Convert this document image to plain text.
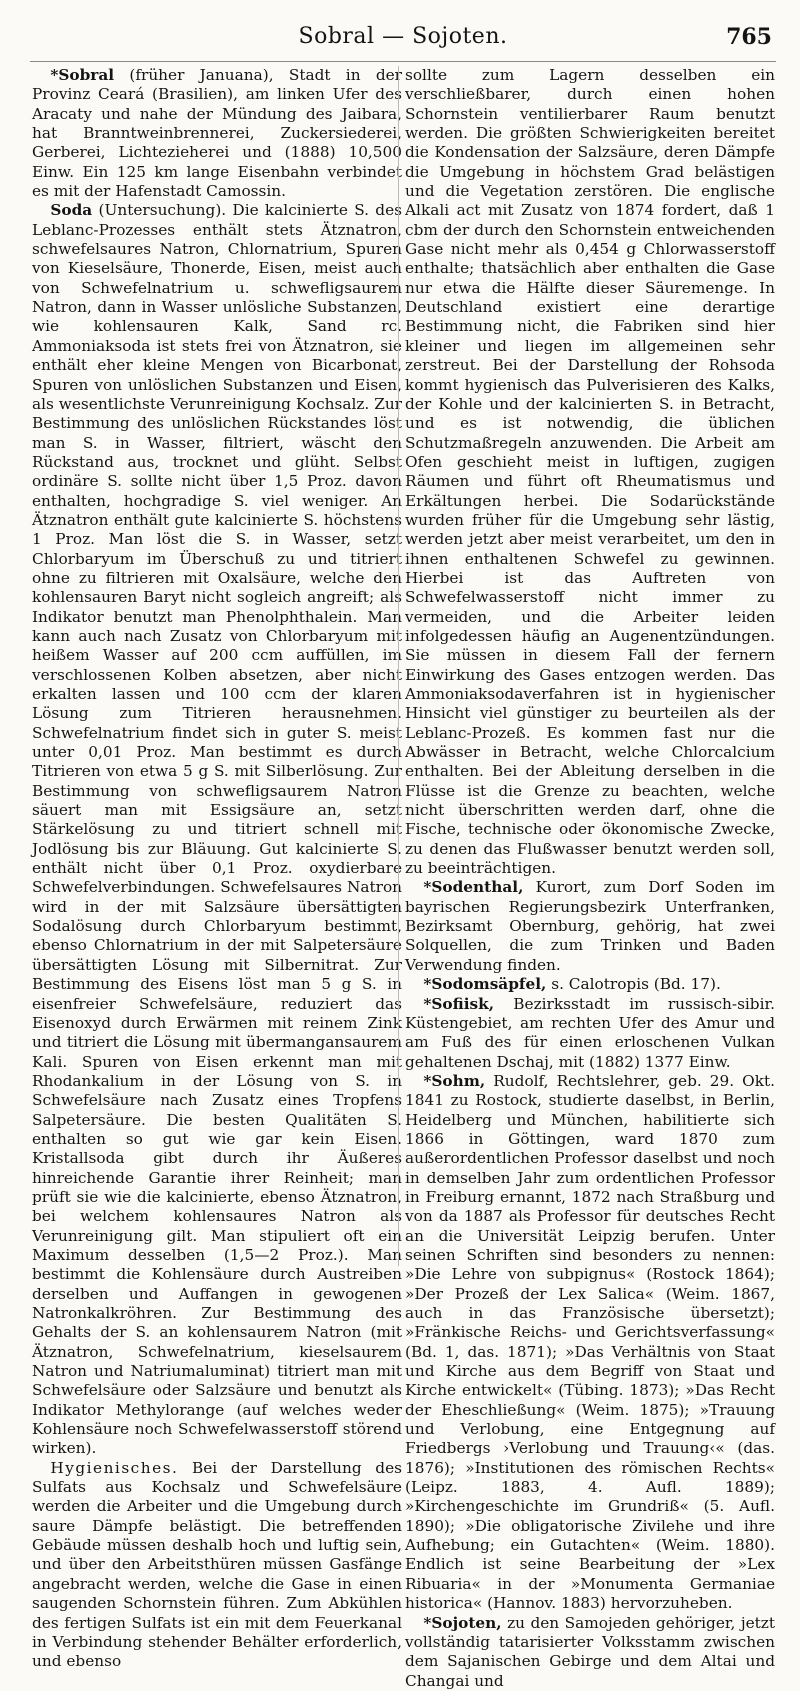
Sobral — Sojoten.	765

*Sobral (früher Januana), Stadt in der Provinz Ceará (Brasilien), am linken Ufer des Aracaty und nahe der Mündung des Jaibara, hat Branntweinbrennerei, Zuckersiederei, Gerberei, Lichtezieherei und (1888) 10,500 Einw. Ein 125 km lange Eisenbahn verbindet es mit der Hafenstadt Camossin.

Soda (Untersuchung). Die kalcinierte S. des Leblanc-Prozesses enthält stets Ätznatron, schwefelsaures Natron, Chlornatrium, Spuren von Kieselsäure, Thonerde, Eisen, meist auch von Schwefelnatrium u. schwefligsaurem Natron, dann in Wasser unlösliche Substanzen, wie kohlensauren Kalk, Sand rc. Ammoniaksoda ist stets frei von Ätznatron, sie enthält eher kleine Mengen von Bicarbonat, Spuren von unlöslichen Substanzen und Eisen, als wesentlichste Verunreinigung Kochsalz. Zur Bestimmung des unlöslichen Rückstandes löst man S. in Wasser, filtriert, wäscht den Rückstand aus, trocknet und glüht. Selbst ordinäre S. sollte nicht über 1,5 Proz. davon enthalten, hochgradige S. viel weniger. An Ätznatron enthält gute kalcinierte S. höchstens 1 Proz. Man löst die S. in Wasser, setzt Chlorbaryum im Überschuß zu und titriert ohne zu filtrieren mit Oxalsäure, welche den kohlensauren Baryt nicht sogleich angreift; als Indikator benutzt man Phenolphthalein. Man kann auch nach Zusatz von Chlorbaryum mit heißem Wasser auf 200 ccm auffüllen, im verschlossenen Kolben absetzen, aber nicht erkalten lassen und 100 ccm der klaren Lösung zum Titrieren herausnehmen. Schwefelnatrium findet sich in guter S. meist unter 0,01 Proz. Man bestimmt es durch Titrieren von etwa 5 g S. mit Silberlösung. Zur Bestimmung von schwefligsaurem Natron säuert man mit Essigsäure an, setzt Stärkelösung zu und titriert schnell mit Jodlösung bis zur Bläuung. Gut kalcinierte S. enthält nicht über 0,1 Proz. oxydierbare Schwefelverbindungen. Schwefelsaures Natron wird in der mit Salzsäure übersättigten Sodalösung durch Chlorbaryum bestimmt, ebenso Chlornatrium in der mit Salpetersäure übersättigten Lösung mit Silbernitrat. Zur Bestimmung des Eisens löst man 5 g S. in eisenfreier Schwefelsäure, reduziert das Eisenoxyd durch Erwärmen mit reinem Zink und titriert die Lösung mit übermangansaurem Kali. Spuren von Eisen erkennt man mit Rhodankalium in der Lösung von S. in Schwefelsäure nach Zusatz eines Tropfens Salpetersäure. Die besten Qualitäten S. enthalten so gut wie gar kein Eisen. Kristallsoda gibt durch ihr Äußeres hinreichende Garantie ihrer Reinheit; man prüft sie wie die kalcinierte, ebenso Ätznatron, bei welchem kohlensaures Natron als Verunreinigung gilt. Man stipuliert oft ein Maximum desselben (1,5—2 Proz.). Man bestimmt die Kohlensäure durch Austreiben derselben und Auffangen in gewogenen Natronkalkröhren. Zur Bestimmung des Gehalts der S. an kohlensaurem Natron (mit Ätznatron, Schwefelnatrium, kieselsaurem Natron und Natriumaluminat) titriert man mit Schwefelsäure oder Salzsäure und benutzt als Indikator Methylorange (auf welches weder Kohlensäure noch Schwefelwasserstoff störend wirken).

Hygienisches. Bei der Darstellung des Sulfats aus Kochsalz und Schwefelsäure werden die Arbeiter und die Umgebung durch saure Dämpfe belästigt. Die betreffenden Gebäude müssen deshalb hoch und luftig sein, und über den Arbeitsthüren müssen Gasfänge angebracht werden, welche die Gase in einen saugenden Schornstein führen. Zum Abkühlen des fertigen Sulfats ist ein mit dem Feuerkanal in Verbindung stehender Behälter erforderlich, und ebenso

sollte zum Lagern desselben ein verschließbarer, durch einen hohen Schornstein ventilierbarer Raum benutzt werden. Die größten Schwierigkeiten bereitet die Kondensation der Salzsäure, deren Dämpfe die Umgebung in höchstem Grad belästigen und die Vegetation zerstören. Die englische Alkali act mit Zusatz von 1874 fordert, daß 1 cbm der durch den Schornstein entweichenden Gase nicht mehr als 0,454 g Chlorwasserstoff enthalte; thatsächlich aber enthalten die Gase nur etwa die Hälfte dieser Säuremenge. In Deutschland existiert eine derartige Bestimmung nicht, die Fabriken sind hier kleiner und liegen im allgemeinen sehr zerstreut. Bei der Darstellung der Rohsoda kommt hygienisch das Pulverisieren des Kalks, der Kohle und der kalcinierten S. in Betracht, und es ist notwendig, die üblichen Schutzmaßregeln anzuwenden. Die Arbeit am Ofen geschieht meist in luftigen, zugigen Räumen und führt oft Rheumatismus und Erkältungen herbei. Die Sodarückstände wurden früher für die Umgebung sehr lästig, werden jetzt aber meist verarbeitet, um den in ihnen enthaltenen Schwefel zu gewinnen. Hierbei ist das Auftreten von Schwefelwasserstoff nicht immer zu vermeiden, und die Arbeiter leiden infolgedessen häufig an Augenentzündungen. Sie müssen in diesem Fall der fernern Einwirkung des Gases entzogen werden. Das Ammoniaksodaverfahren ist in hygienischer Hinsicht viel günstiger zu beurteilen als der Leblanc-Prozeß. Es kommen fast nur die Abwässer in Betracht, welche Chlorcalcium enthalten. Bei der Ableitung derselben in die Flüsse ist die Grenze zu beachten, welche nicht überschritten werden darf, ohne die Fische, technische oder ökonomische Zwecke, zu denen das Flußwasser benutzt werden soll, zu beeinträchtigen.

*Sodenthal, Kurort, zum Dorf Soden im bayrischen Regierungsbezirk Unterfranken, Bezirksamt Obernburg, gehörig, hat zwei Solquellen, die zum Trinken und Baden Verwendung finden.

*Sodomsäpfel, s. Calotropis (Bd. 17).

*Sofiisk, Bezirksstadt im russisch-sibir. Küstengebiet, am rechten Ufer des Amur und am Fuß des für einen erloschenen Vulkan gehaltenen Dschaj, mit (1882) 1377 Einw.

*Sohm, Rudolf, Rechtslehrer, geb. 29. Okt. 1841 zu Rostock, studierte daselbst, in Berlin, Heidelberg und München, habilitierte sich 1866 in Göttingen, ward 1870 zum außerordentlichen Professor daselbst und noch in demselben Jahr zum ordentlichen Professor in Freiburg ernannt, 1872 nach Straßburg und von da 1887 als Professor für deutsches Recht an die Universität Leipzig berufen. Unter seinen Schriften sind besonders zu nennen: »Die Lehre von subpignus« (Rostock 1864); »Der Prozeß der Lex Salica« (Weim. 1867, auch in das Französische übersetzt); »Fränkische Reichs- und Gerichtsverfassung« (Bd. 1, das. 1871); »Das Verhältnis von Staat und Kirche aus dem Begriff von Staat und Kirche entwickelt« (Tübing. 1873); »Das Recht der Eheschließung« (Weim. 1875); »Trauung und Verlobung, eine Entgegnung auf Friedbergs ›Verlobung und Trauung‹« (das. 1876); »Institutionen des römischen Rechts« (Leipz. 1883, 4. Aufl. 1889); »Kirchengeschichte im Grundriß« (5. Aufl. 1890); »Die obligatorische Zivilehe und ihre Aufhebung; ein Gutachten« (Weim. 1880). Endlich ist seine Bearbeitung der »Lex Ribuaria« in der »Monumenta Germaniae historica« (Hannov. 1883) hervorzuheben.

*Sojoten, zu den Samojeden gehöriger, jetzt vollständig tatarisierter Volksstamm zwischen dem Sajanischen Gebirge und dem Altai und Changai und
